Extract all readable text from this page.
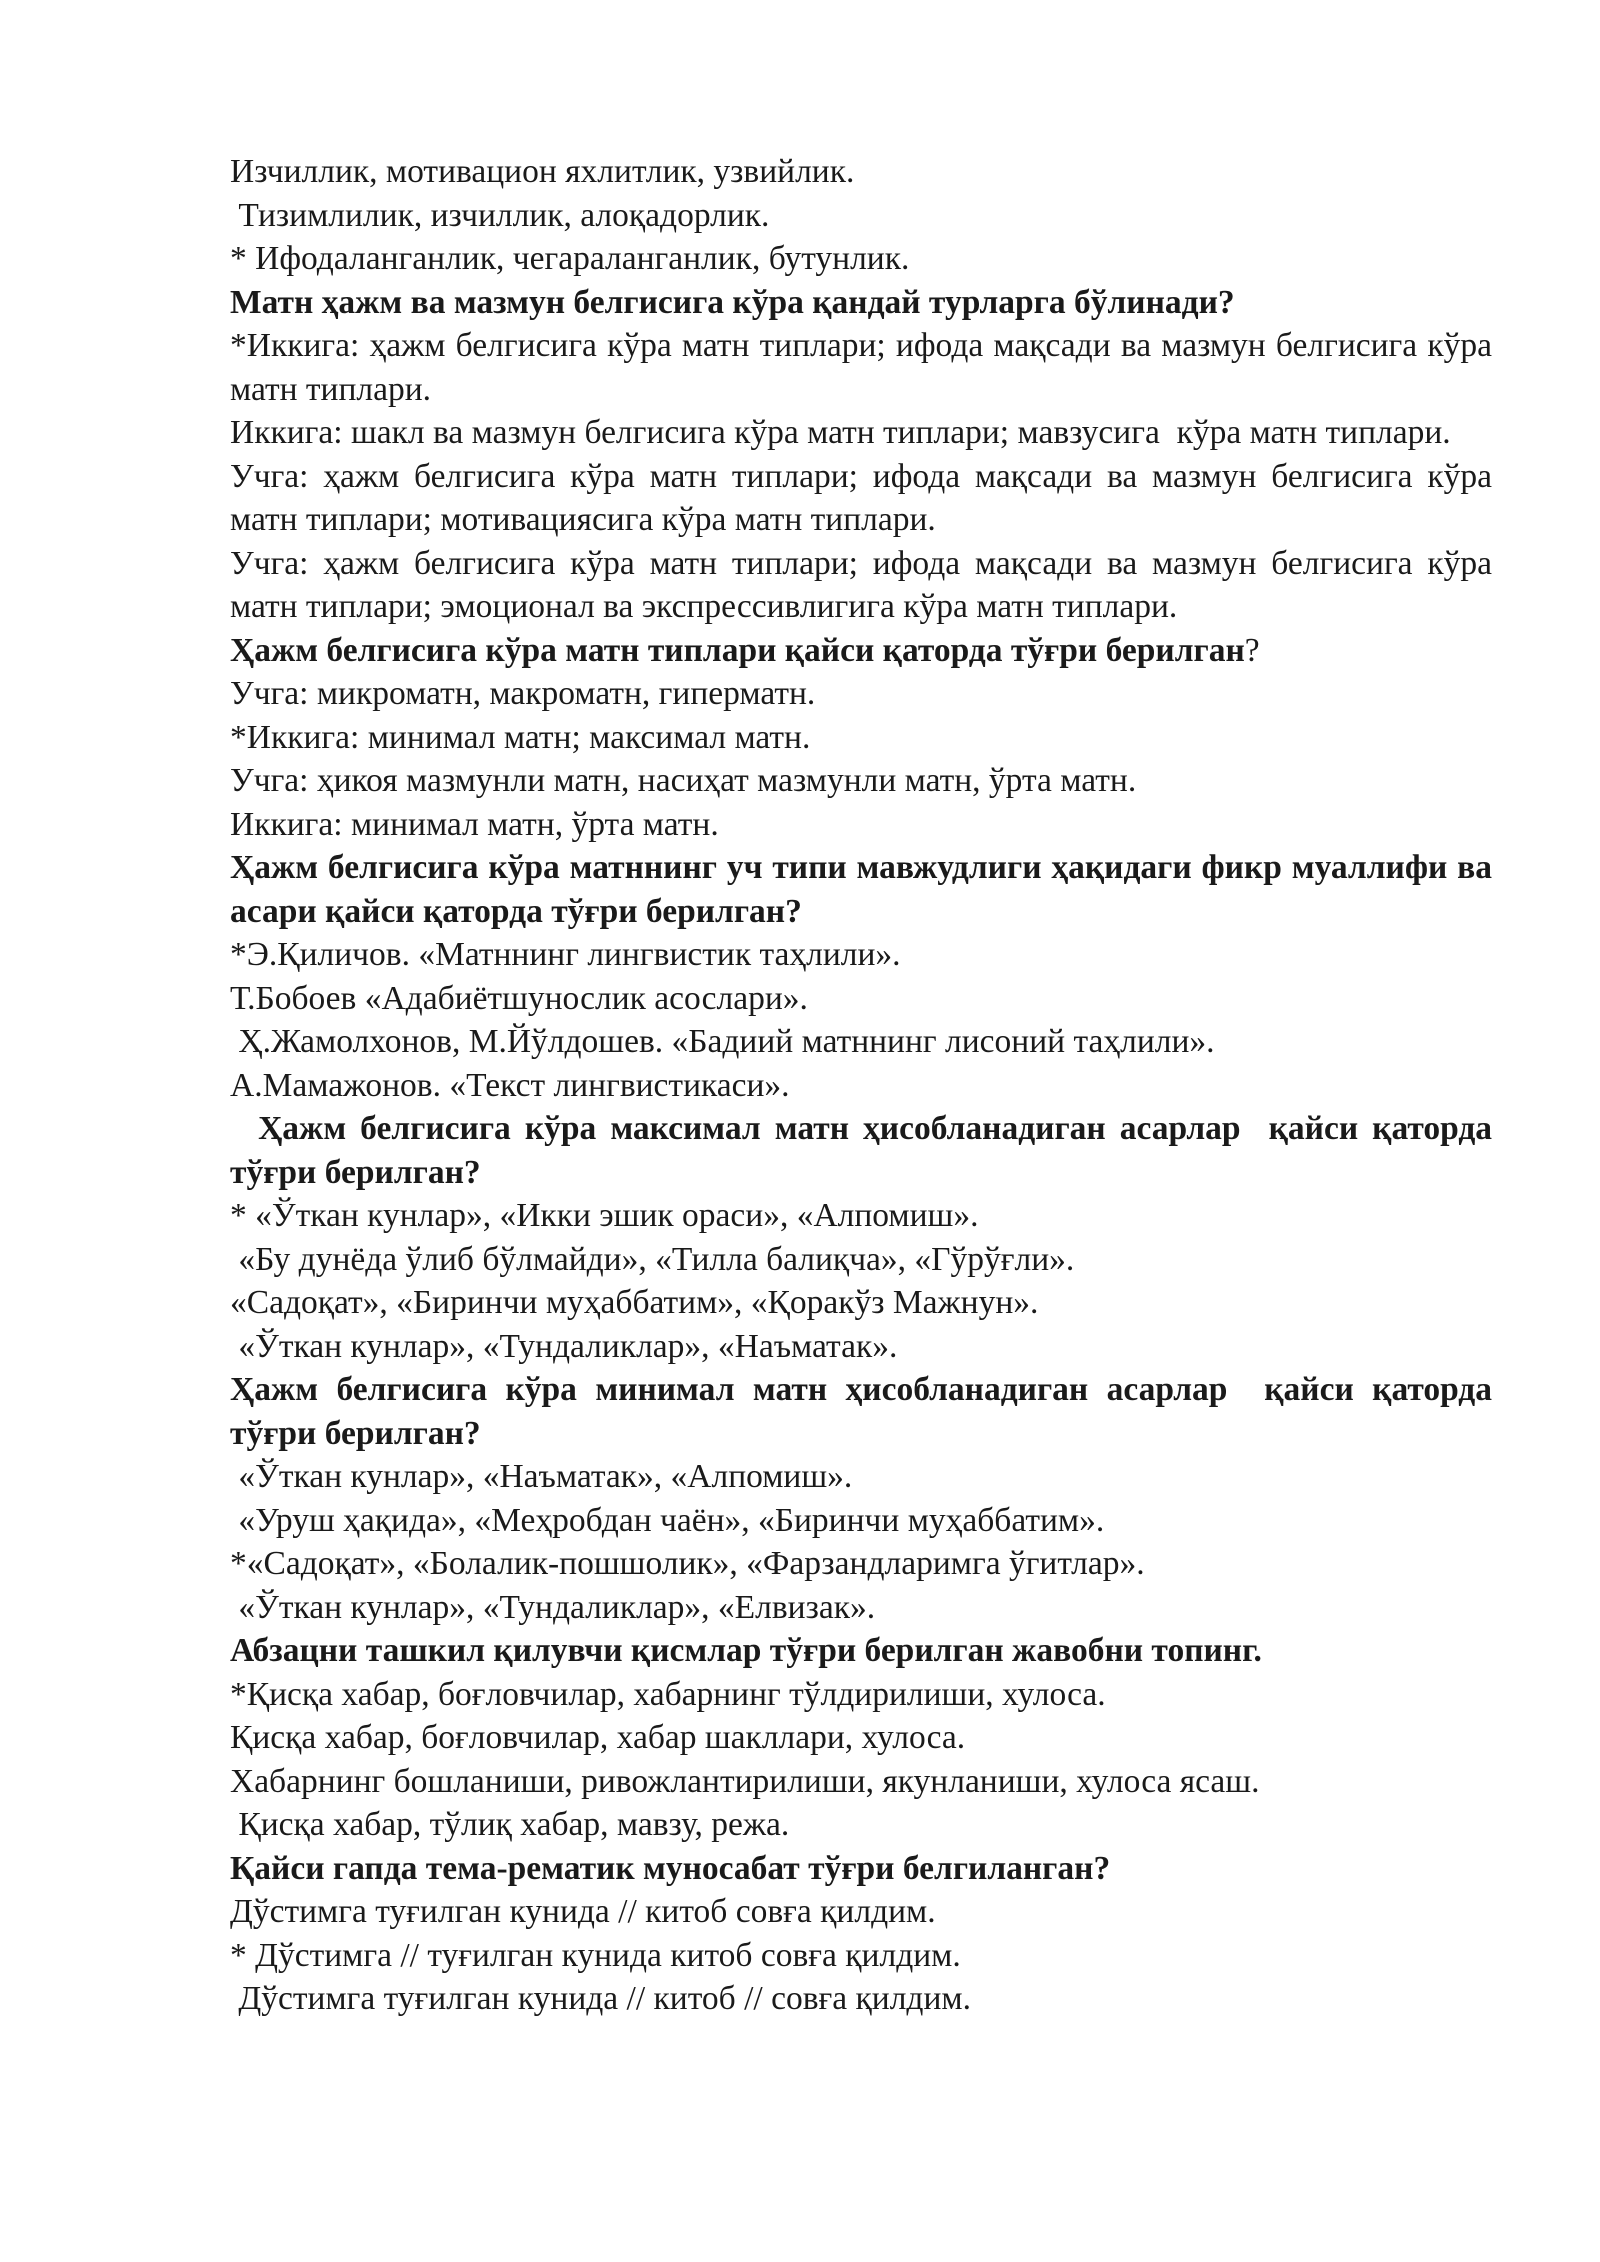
Изчиллик, мотивацион яхлитлик, узвийлик.
Тизимлилик, изчиллик, алоқадорлик.
* Ифодаланганлик, чегараланганлик, бутунлик.
Матн ҳажм ва мазмун белгисига кўра қандай турларга бўлинади?
*Иккига: ҳажм белгисига кўра матн типлари; ифода мақсади ва мазмун белгисига кўра матн типлари.
Иккига: шакл ва мазмун белгисига кўра матн типлари; мавзусига  кўра матн типлари.
Учга: ҳажм белгисига кўра матн типлари; ифода мақсади ва мазмун белгисига кўра матн типлари; мотивациясига кўра матн типлари.
Учга: ҳажм белгисига кўра матн типлари; ифода мақсади ва мазмун белгисига кўра матн типлари; эмоционал ва экспрессивлигига кўра матн типлари.
Ҳажм белгисига кўра матн типлари қайси қаторда тўғри берилган?
Учга: микроматн, макроматн, гиперматн.
*Иккига: минимал матн; максимал матн.
Учга: ҳикоя мазмунли матн, насиҳат мазмунли матн, ўрта матн.
Иккига: минимал матн, ўрта матн.
Ҳажм белгисига кўра матннинг уч типи мавжудлиги ҳақидаги фикр муаллифи ва асари қайси қаторда тўғри берилган?
*Э.Қиличов. «Матннинг лингвистик таҳлили».
Т.Бобоев «Адабиётшунослик асослари».
Ҳ.Жамолхонов, М.Йўлдошев. «Бадиий матннинг лисоний таҳлили».
А.Мамажонов. «Текст лингвистикаси».
Ҳажм белгисига кўра максимал матн ҳисобланадиган асарлар  қайси қаторда тўғри берилган?
* «Ўткан кунлар», «Икки эшик ораси», «Алпомиш».
«Бу дунёда ўлиб бўлмайди», «Тилла балиқча», «Гўрўғли».
«Садоқат», «Биринчи муҳаббатим», «Қоракўз Мажнун».
«Ўткан кунлар», «Тундаликлар», «Наъматак».
Ҳажм белгисига кўра минимал матн ҳисобланадиган асарлар  қайси қаторда тўғри берилган?
«Ўткан кунлар», «Наъматак», «Алпомиш».
«Уруш ҳақида», «Меҳробдан чаён», «Биринчи муҳаббатим».
*«Садоқат», «Болалик-пошшолик», «Фарзандларимга ўгитлар».
«Ўткан кунлар», «Тундаликлар», «Елвизак».
Абзацни ташкил қилувчи қисмлар тўғри берилган жавобни топинг.
*Қисқа хабар, боғловчилар, хабарнинг тўлдирилиши, хулоса.
Қисқа хабар, боғловчилар, хабар шакллари, хулоса.
Хабарнинг бошланиши, ривожлантирилиши, якунланиши, хулоса ясаш.
Қисқа хабар, тўлиқ хабар, мавзу, режа.
Қайси гапда тема-рематик муносабат тўғри белгиланган?
Дўстимга туғилган кунида // китоб совға қилдим.
* Дўстимга // туғилган кунида китоб совға қилдим.
Дўстимга туғилган кунида // китоб // совға қилдим.
